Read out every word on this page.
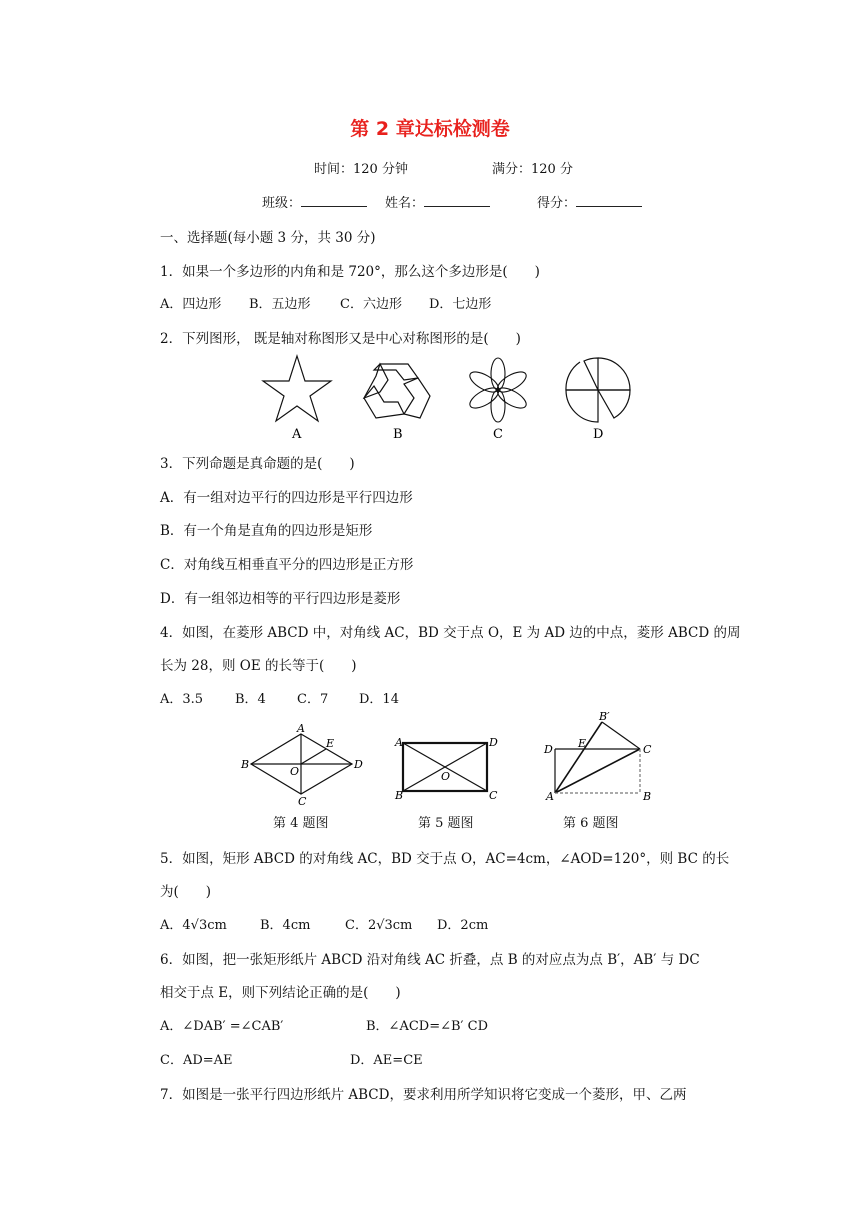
第 2 章达标检测卷
时间：120 分钟	满分：120 分
班级：	姓名：	得分：
一、选择题(每小题 3 分，共 30 分)
1．如果一个多边形的内角和是 720°，那么这个多边形是(　　)
A．四边形 B．五边形 C．六边形 D．七边形
2．下列图形， 既是轴对称图形又是中心对称图形的是(　　)
A	B	C	D
3．下列命题是真命题的是(　　)
A．有一组对边平行的四边形是平行四边形
B．有一个角是直角的四边形是矩形
C．对角线互相垂直平分的四边形是正方形
D．有一组邻边相等的平行四边形是菱形
4．如图，在菱形 ABCD 中，对角线 AC，BD 交于点 O，E 为 AD 边的中点，菱形 ABCD 的周
长为 28，则 OE 的长等于(　　)
A．3.5 B．4 C．7 D．14
A
B
C
D
E
O
A
B	C
D
O
B′
D E	C
A	B
第 4 题图	第 5 题图	第 6 题图
5．如图，矩形 ABCD 的对角线 AC，BD 交于点 O，AC=4cm，∠AOD=120°，则 BC 的长
为(　　)
A．4√3cm	B．4cm	C．2√3cm D．2cm
6．如图，把一张矩形纸片 ABCD 沿对角线 AC 折叠，点 B 的对应点为点 B′，AB′ 与 DC
相交于点 E，则下列结论正确的是(　　)
A．∠DAB′ =∠CAB′	B．∠ACD=∠B′ CD
C．AD=AE	D．AE=CE
7．如图是一张平行四边形纸片 ABCD，要求利用所学知识将它变成一个菱形，甲、乙两
